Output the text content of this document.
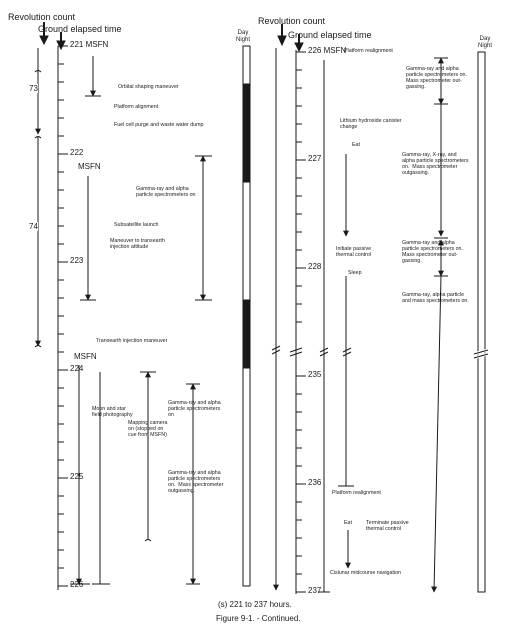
Revolution count
Ground elapsed time
Revolution count
Ground elapsed time
Day
Night	Day
Night
221 MSFN
222
223
224
225
226
73
74
MSFN
MSFN
Orbital shaping maneuver
Platform alignment
Fuel cell purge and waste water dump
Gamma-ray and alpha
particle spectrometers on
Subsatellite launch
Maneuver to transearth
injection attitude
Transearth injection maneuver
Moon and star
field photography
Mapping camera
on (stopped on
cue from MSFN)
Gamma-ray and alpha
particle spectrometers
on
Gamma-ray and alpha
particle spectrometers
on.  Mass spectrometer
outgassing.
226 MSFN
Platform realignment
227
228
235
236
237
Gamma-ray and alpha
particle spectrometers on.
Mass spectrometer out-
gassing.
Lithium hydroxide canister
change
Eat
Gamma-ray, X-ray, and
alpha particle spectrometers
on.  Mass spectrometer
outgassing.
Initiate passive
thermal control
Sleep
Gamma-ray and alpha
particle spectrometers on.
Mass spectrometer out-
gassing.
Gamma-ray, alpha particle
and mass spectrometers on.
Platform realignment
Eat	Terminate passive
thermal control
Cislunar midcourse navigation
(s) 221 to 237 hours.
Figure 9-1. - Continued.
